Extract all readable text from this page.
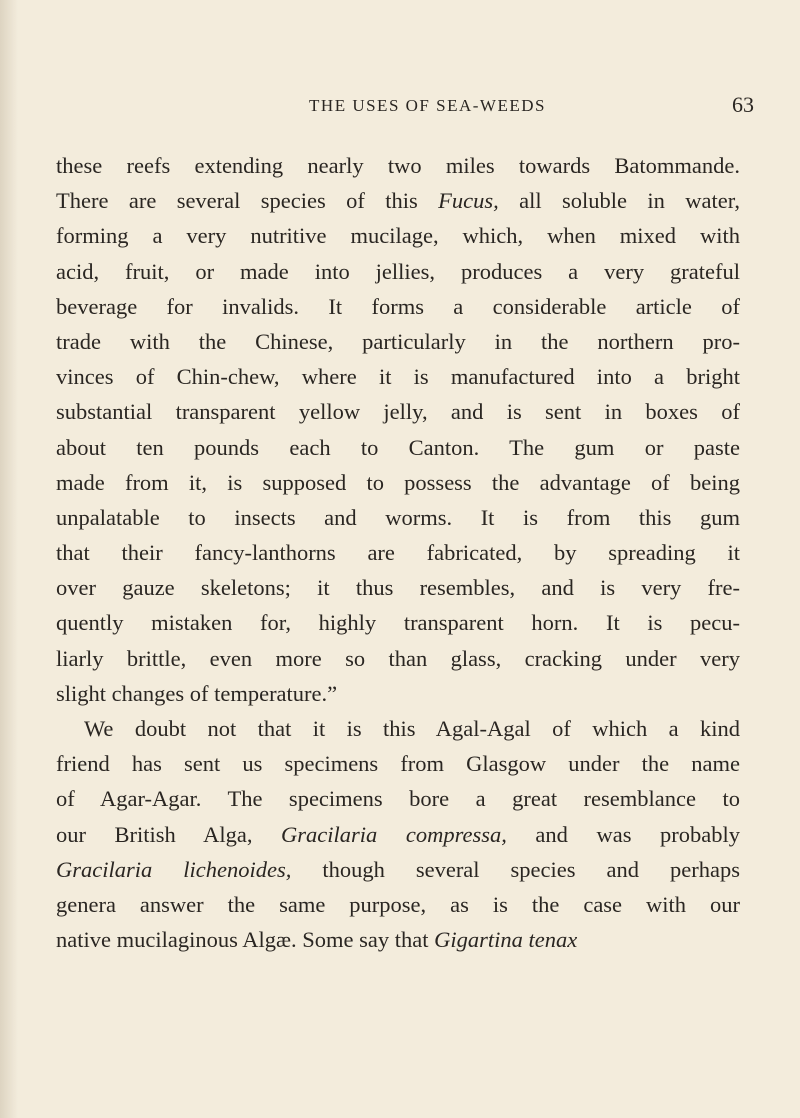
THE USES OF SEA-WEEDS	63
these reefs extending nearly two miles towards Batommande.
There are several species of this Fucus, all soluble in water,
forming a very nutritive mucilage, which, when mixed with
acid, fruit, or made into jellies, produces a very grateful
beverage for invalids. It forms a considerable article of
trade with the Chinese, particularly in the northern pro-
vinces of Chin-chew, where it is manufactured into a bright
substantial transparent yellow jelly, and is sent in boxes of
about ten pounds each to Canton. The gum or paste
made from it, is supposed to possess the advantage of being
unpalatable to insects and worms. It is from this gum
that their fancy-lanthorns are fabricated, by spreading it
over gauze skeletons; it thus resembles, and is very fre-
quently mistaken for, highly transparent horn. It is pecu-
liarly brittle, even more so than glass, cracking under very
slight changes of temperature.”
We doubt not that it is this Agal-Agal of which a kind
friend has sent us specimens from Glasgow under the name
of Agar-Agar. The specimens bore a great resemblance to
our British Alga, Gracilaria compressa, and was probably
Gracilaria lichenoides, though several species and perhaps
genera answer the same purpose, as is the case with our
native mucilaginous Algæ. Some say that Gigartina tenax
